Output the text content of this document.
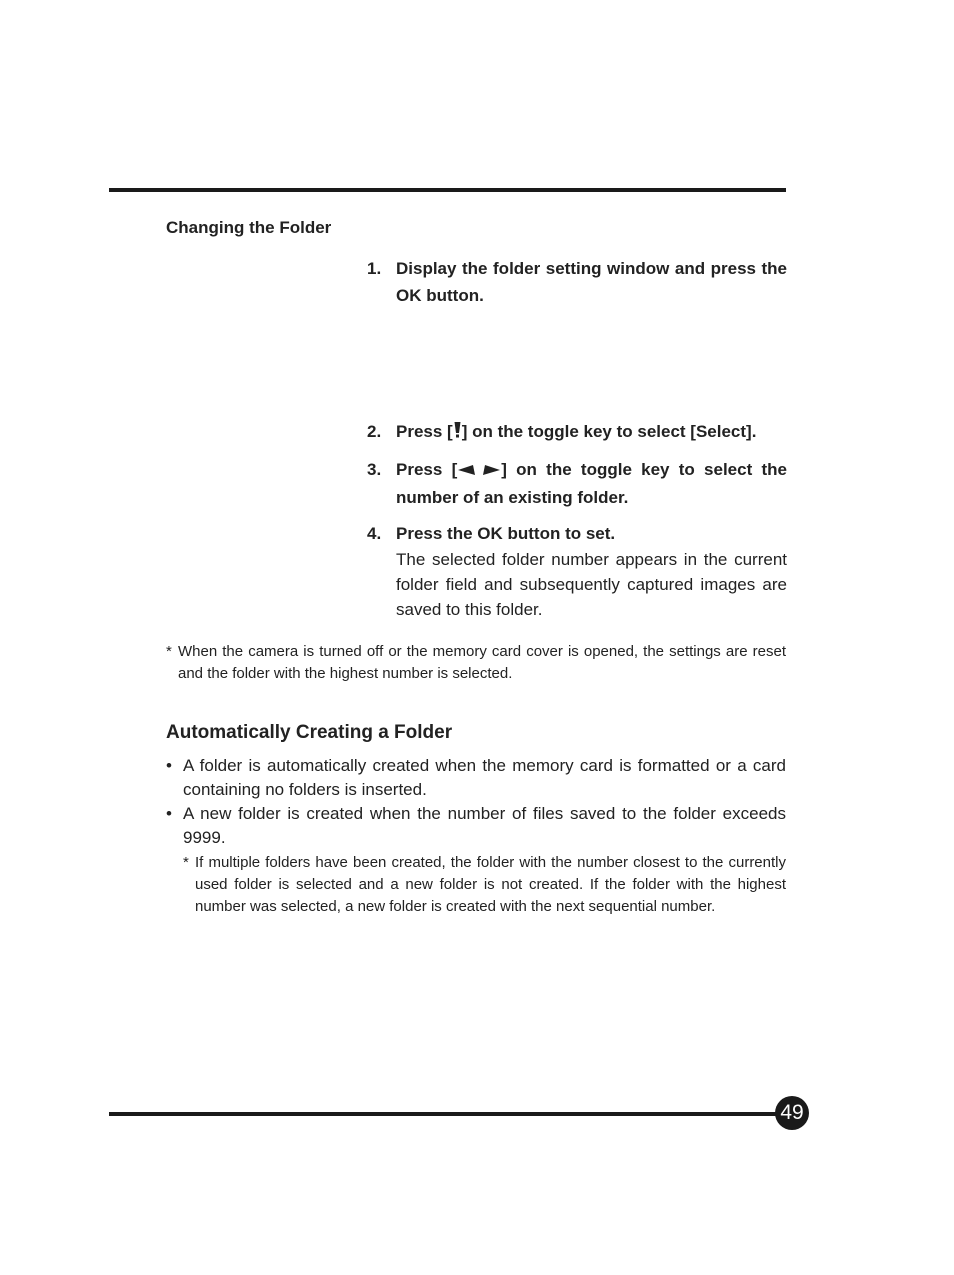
Changing the Folder
1. Display the folder setting window and press the OK button.
2. Press [ ] on the toggle key to select [Select].
3. Press [	] on the toggle key to select the number of an existing folder.
4. Press the OK button to set.
The selected folder number appears in the current folder field and subsequently captured images are saved to this folder.
* When the camera is turned off or the memory card cover is opened, the settings are reset and the folder with the highest number is selected.
Automatically Creating a Folder
• A folder is automatically created when the memory card is formatted or a card containing no folders is inserted.
• A new folder is created when the number of files saved to the folder exceeds 9999.
* If multiple folders have been created, the folder with the number closest to the currently used folder is selected and a new folder is not created. If the folder with the highest number was selected, a new folder is created with the next sequential number.
49
